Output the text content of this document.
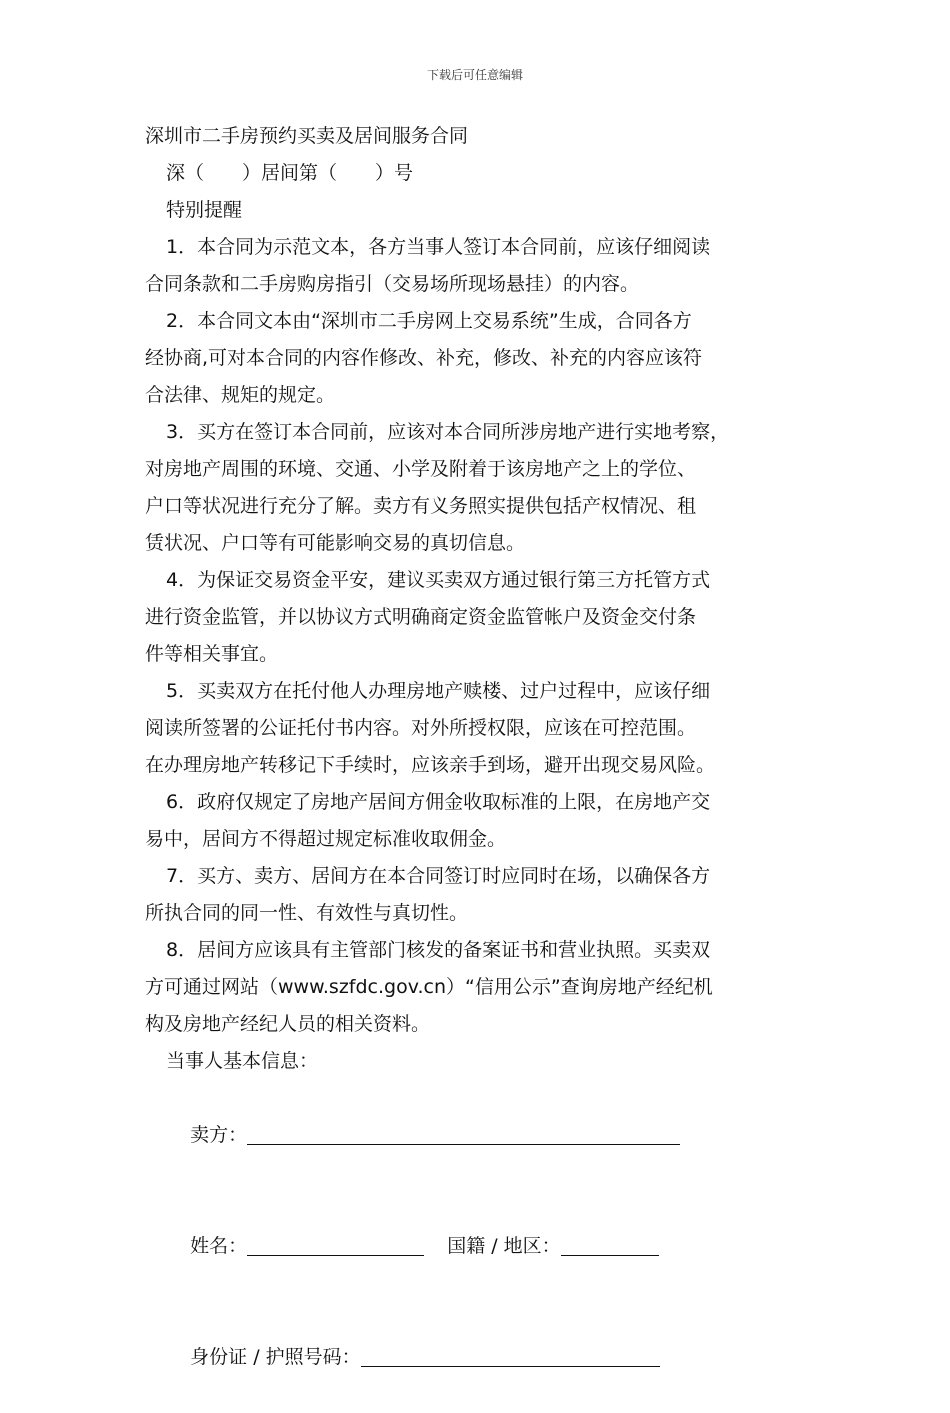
下载后可任意编辑
深圳市二手房预约买卖及居间服务合同
深（　　）居间第（　　）号
特别提醒
1．本合同为示范文本，各方当事人签订本合同前，应该仔细阅读
合同条款和二手房购房指引（交易场所现场悬挂）的内容。
2．本合同文本由“深圳市二手房网上交易系统”生成，合同各方
经协商,可对本合同的内容作修改、补充，修改、补充的内容应该符
合法律、规矩的规定。
3．买方在签订本合同前，应该对本合同所涉房地产进行实地考察，
对房地产周围的环境、交通、小学及附着于该房地产之上的学位、
户口等状况进行充分了解。卖方有义务照实提供包括产权情况、租
赁状况、户口等有可能影响交易的真切信息。
4．为保证交易资金平安，建议买卖双方通过银行第三方托管方式
进行资金监管，并以协议方式明确商定资金监管帐户及资金交付条
件等相关事宜。
5．买卖双方在托付他人办理房地产赎楼、过户过程中，应该仔细
阅读所签署的公证托付书内容。对外所授权限，应该在可控范围。
在办理房地产转移记下手续时，应该亲手到场，避开出现交易风险。
6．政府仅规定了房地产居间方佣金收取标准的上限，在房地产交
易中，居间方不得超过规定标准收取佣金。
7．买方、卖方、居间方在本合同签订时应同时在场，以确保各方
所执合同的同一性、有效性与真切性。
8．居间方应该具有主管部门核发的备案证书和营业执照。买卖双
方可通过网站（www.szfdc.gov.cn）“信用公示”查询房地产经纪机
构及房地产经纪人员的相关资料。
当事人基本信息：

卖方：

姓名：	国籍 / 地区：

身份证 / 护照号码：
